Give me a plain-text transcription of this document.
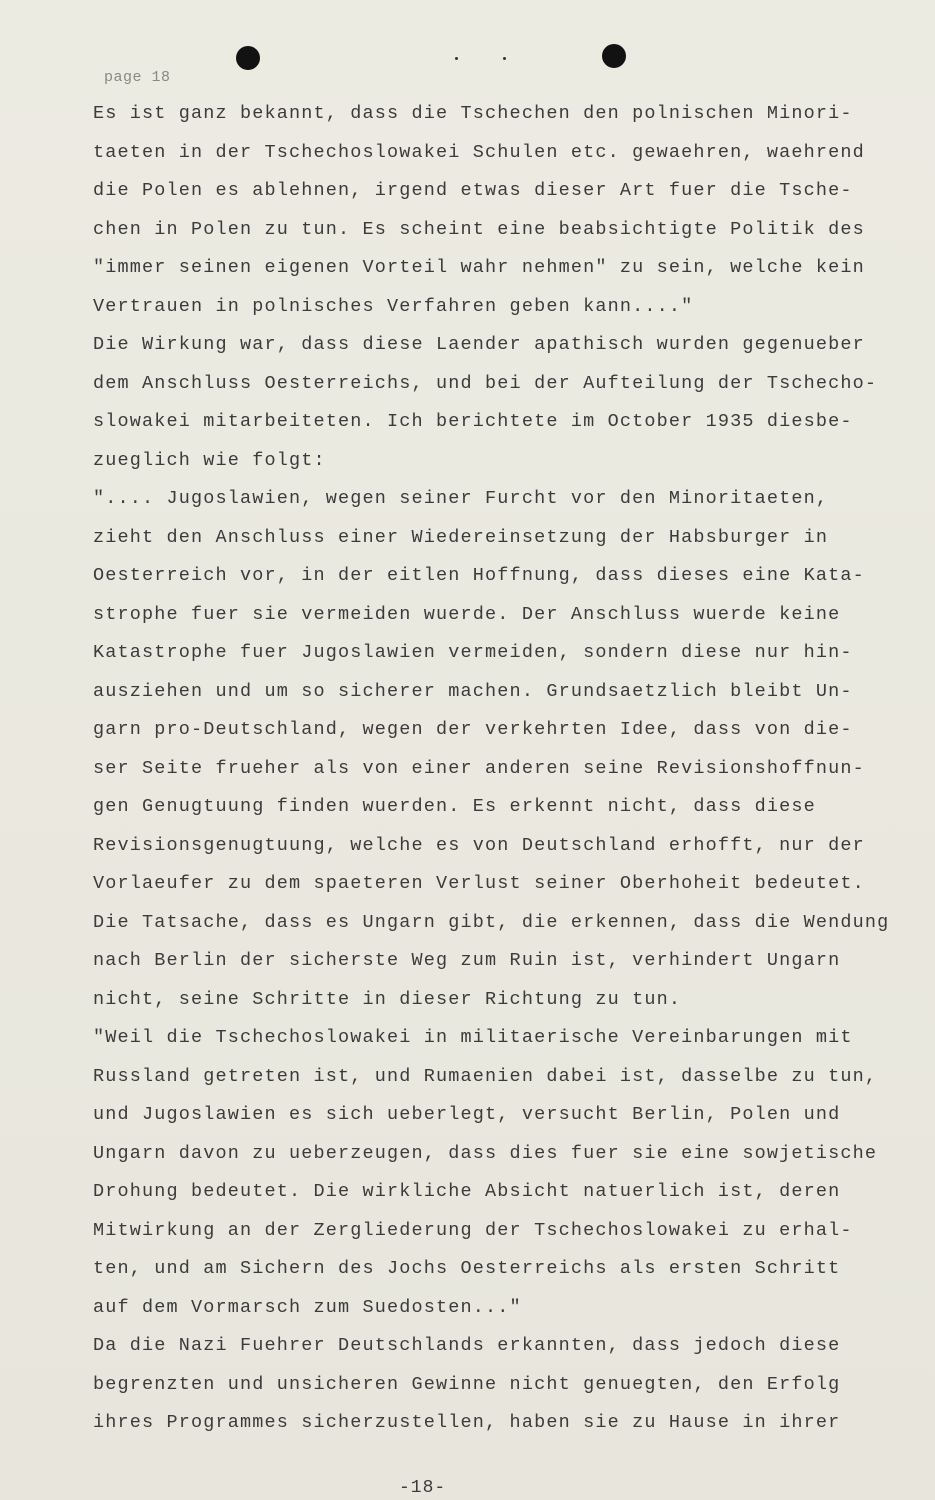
page 18
Es ist ganz bekannt, dass die Tschechen den polnischen Minori-
taeten in der Tschechoslowakei Schulen etc. gewaehren, waehrend
die Polen es ablehnen, irgend etwas dieser Art fuer die Tsche-
chen in Polen zu tun. Es scheint eine beabsichtigte Politik des
"immer seinen eigenen Vorteil wahr nehmen" zu sein, welche kein
Vertrauen in polnisches Verfahren geben kann...."
Die Wirkung war, dass diese Laender apathisch wurden gegenueber
dem Anschluss Oesterreichs, und bei der Aufteilung der Tschecho-
slowakei mitarbeiteten. Ich berichtete im October 1935 diesbe-
zueglich wie folgt:
".... Jugoslawien, wegen seiner Furcht vor den Minoritaeten,
zieht den Anschluss einer Wiedereinsetzung der Habsburger in
Oesterreich vor, in der eitlen Hoffnung, dass dieses eine Kata-
strophe fuer sie vermeiden wuerde. Der Anschluss wuerde keine
Katastrophe fuer Jugoslawien vermeiden, sondern diese nur hin-
ausziehen und um so sicherer machen. Grundsaetzlich bleibt Un-
garn pro-Deutschland, wegen der verkehrten Idee, dass von die-
ser Seite frueher als von einer anderen seine Revisionshoffnun-
gen Genugtuung finden wuerden. Es erkennt nicht, dass diese
Revisionsgenugtuung, welche es von Deutschland erhofft, nur der
Vorlaeufer zu dem spaeteren Verlust seiner Oberhoheit bedeutet.
Die Tatsache, dass es Ungarn gibt, die erkennen, dass die Wendung
nach Berlin der sicherste Weg zum Ruin ist, verhindert Ungarn
nicht, seine Schritte in dieser Richtung zu tun.
"Weil die Tschechoslowakei in militaerische Vereinbarungen mit
Russland getreten ist, und Rumaenien dabei ist, dasselbe zu tun,
und Jugoslawien es sich ueberlegt, versucht Berlin, Polen und
Ungarn davon zu ueberzeugen, dass dies fuer sie eine sowjetische
Drohung bedeutet. Die wirkliche Absicht natuerlich ist, deren
Mitwirkung an der Zergliederung der Tschechoslowakei zu erhal-
ten, und am Sichern des Jochs Oesterreichs als ersten Schritt
auf dem Vormarsch zum Suedosten..."
Da die Nazi Fuehrer Deutschlands erkannten, dass jedoch diese
begrenzten und unsicheren Gewinne nicht genuegten, den Erfolg
ihres Programmes sicherzustellen, haben sie zu Hause in ihrer
-18-
